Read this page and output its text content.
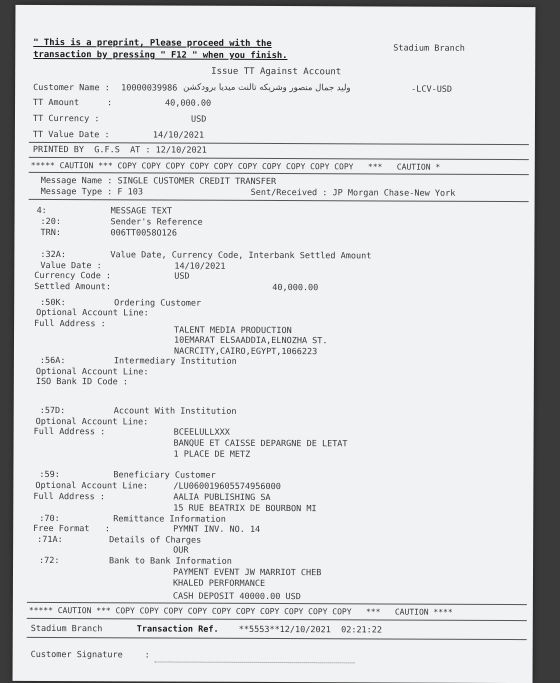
" This is a preprint, Please proceed with the
transaction by pressing " F12 " when you finish.
Stadium Branch
Issue TT Against Account
Customer Name : 10000039986 وليد جمال منصور وشريكه تالنت ميديا برودكشن	-LCV-USD
TT Amount	:	40,000.00
TT Currency :	USD
TT Value Date :	14/10/2021
PRINTED BY  G.F.S  AT : 12/10/2021
***** CAUTION *** COPY COPY COPY COPY COPY COPY COPY COPY COPY COPY   ***   CAUTION *
Message Name : SINGLE CUSTOMER CREDIT TRANSFER
Message Type : F 103	Sent/Received : JP Morgan Chase-New York
4:	MESSAGE TEXT
:20:	Sender's Reference
TRN:	006TT0058O126
:32A:	Value Date, Currency Code, Interbank Settled Amount
Value Date :	14/10/2021
Currency Code :	USD
Settled Amount:	40,000.00
:50K:	Ordering Customer
Optional Account Line:
Full Address :
TALENT MEDIA PRODUCTION
10EMARAT ELSAADDIA,ELNOZHA ST.
NACRCITY,CAIRO,EGYPT,1066223
:56A:	Intermediary Institution
Optional Account Line:
ISO Bank ID Code :
:57D:	Account With Institution
Optional Account Line:
Full Address :	BCEELULLXXX
BANQUE ET CAISSE DEPARGNE DE LETAT
1 PLACE DE METZ
:59:	Beneficiary Customer
Optional Account Line:	/LU060019605574956000
Full Address :	AALIA PUBLISHING SA
15 RUE BEATRIX DE BOURBON MI
:70:	Remittance Information
Free Format   :	PYMNT INV. NO. 14
:71A:	Details of Charges
OUR
:72:	Bank to Bank Information
PAYMENT EVENT JW MARRIOT CHEB
KHALED PERFORMANCE
CASH DEPOSIT 40000.00 USD
***** CAUTION *** COPY COPY COPY COPY COPY COPY COPY COPY COPY COPY   ***   CAUTION ****
Stadium Branch	Transaction Ref. **5553**12/10/2021  02:21:22
Customer Signature	:
